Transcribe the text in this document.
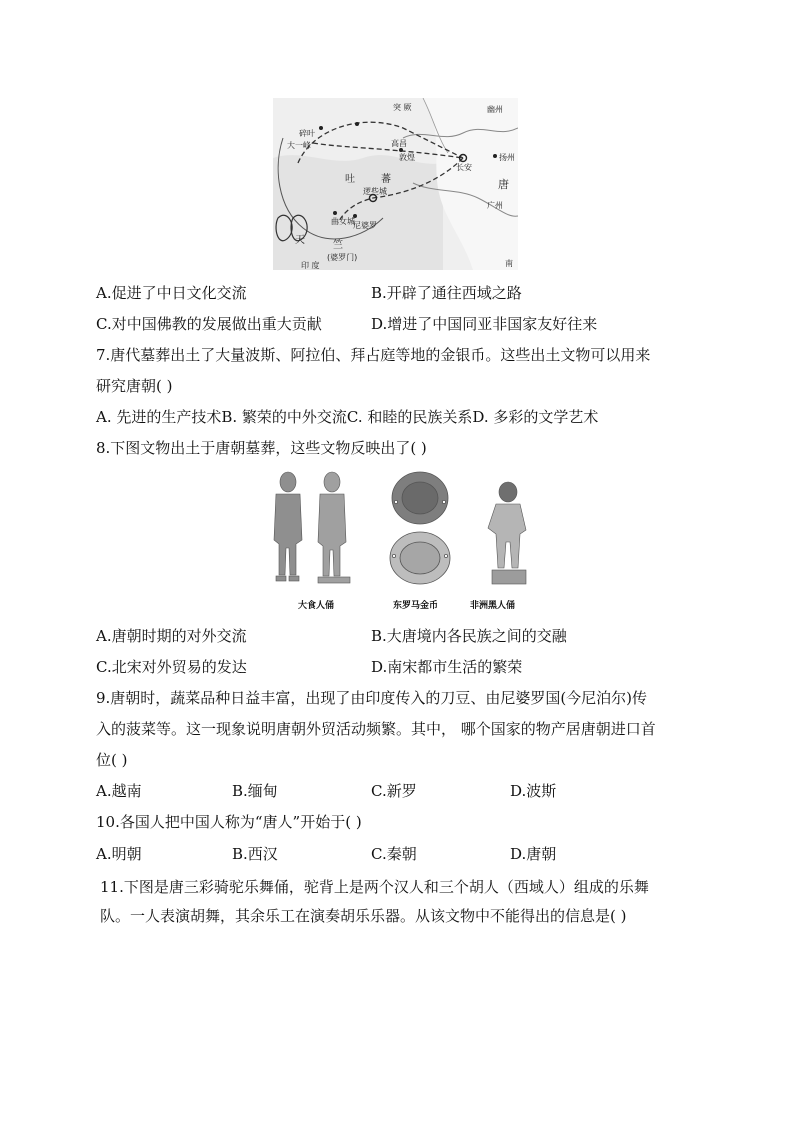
突 厥	幽州
高昌
敦煌
碎叶
大一峰
长安
扬州
吐	蕃
逻些城
唐
广州
曲女城
尼婆罗
天	竺
(婆罗门)
印 度	南
A.促进了中日文化交流	B.开辟了通往西域之路
C.对中国佛教的发展做出重大贡献	D.增进了中国同亚非国家友好往来
7.唐代墓葬出土了大量波斯、阿拉伯、拜占庭等地的金银币。这些出土文物可以用来
研究唐朝( )
A. 先进的生产技术B. 繁荣的中外交流C. 和睦的民族关系D. 多彩的文学艺术
8.下图文物出土于唐朝墓葬，这些文物反映出了( )
大食人俑	东罗马金币	非洲黑人俑
A.唐朝时期的对外交流	B.大唐境内各民族之间的交融
C.北宋对外贸易的发达	D.南宋都市生活的繁荣
9.唐朝时，蔬菜品种日益丰富，出现了由印度传入的刀豆、由尼婆罗国(今尼泊尔)传
入的菠菜等。这一现象说明唐朝外贸活动频繁。其中， 哪个国家的物产居唐朝进口首
位( )
A.越南	B.缅甸	C.新罗	D.波斯
10.各国人把中国人称为“唐人”开始于( )
A.明朝	B.西汉	C.秦朝	D.唐朝
11.下图是唐三彩骑驼乐舞俑，驼背上是两个汉人和三个胡人（西域人）组成的乐舞
队。一人表演胡舞，其余乐工在演奏胡乐乐器。从该文物中不能得出的信息是( )
